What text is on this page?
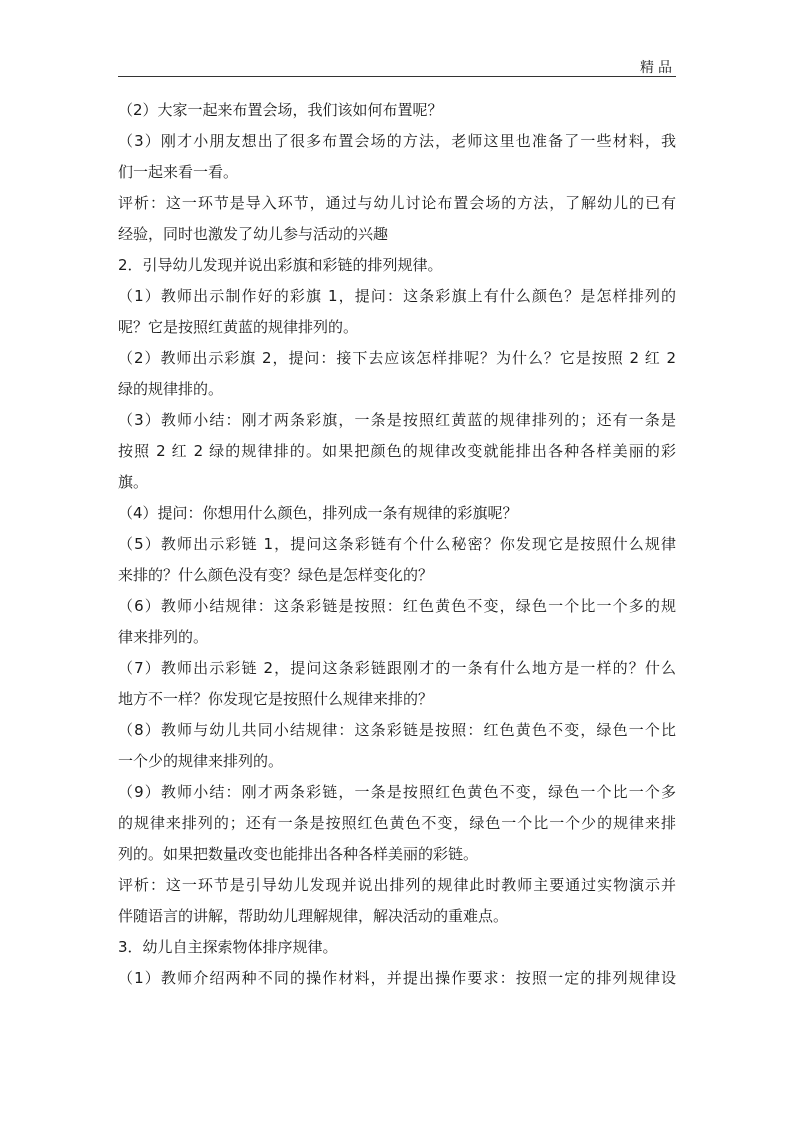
精品
（2）大家一起来布置会场，我们该如何布置呢？
（3）刚才小朋友想出了很多布置会场的方法，老师这里也准备了一些材料，我
们一起来看一看。
评析：这一环节是导入环节，通过与幼儿讨论布置会场的方法，了解幼儿的已有
经验，同时也激发了幼儿参与活动的兴趣
2．引导幼儿发现并说出彩旗和彩链的排列规律。
（1）教师出示制作好的彩旗 1，提问：这条彩旗上有什么颜色？是怎样排列的
呢？它是按照红黄蓝的规律排列的。
（2）教师出示彩旗 2，提问：接下去应该怎样排呢？为什么？它是按照 2 红 2
绿的规律排的。
（3）教师小结：刚才两条彩旗，一条是按照红黄蓝的规律排列的；还有一条是
按照 2 红 2 绿的规律排的。如果把颜色的规律改变就能排出各种各样美丽的彩
旗。
（4）提问：你想用什么颜色，排列成一条有规律的彩旗呢？
（5）教师出示彩链 1，提问这条彩链有个什么秘密？你发现它是按照什么规律
来排的？什么颜色没有变？绿色是怎样变化的？
（6）教师小结规律：这条彩链是按照：红色黄色不变，绿色一个比一个多的规
律来排列的。
（7）教师出示彩链 2，提问这条彩链跟刚才的一条有什么地方是一样的？什么
地方不一样？你发现它是按照什么规律来排的？
（8）教师与幼儿共同小结规律：这条彩链是按照：红色黄色不变，绿色一个比
一个少的规律来排列的。
（9）教师小结：刚才两条彩链，一条是按照红色黄色不变，绿色一个比一个多
的规律来排列的；还有一条是按照红色黄色不变，绿色一个比一个少的规律来排
列的。如果把数量改变也能排出各种各样美丽的彩链。
评析：这一环节是引导幼儿发现并说出排列的规律此时教师主要通过实物演示并
伴随语言的讲解，帮助幼儿理解规律，解决活动的重难点。
3．幼儿自主探索物体排序规律。
（1）教师介绍两种不同的操作材料，并提出操作要求：按照一定的排列规律设
